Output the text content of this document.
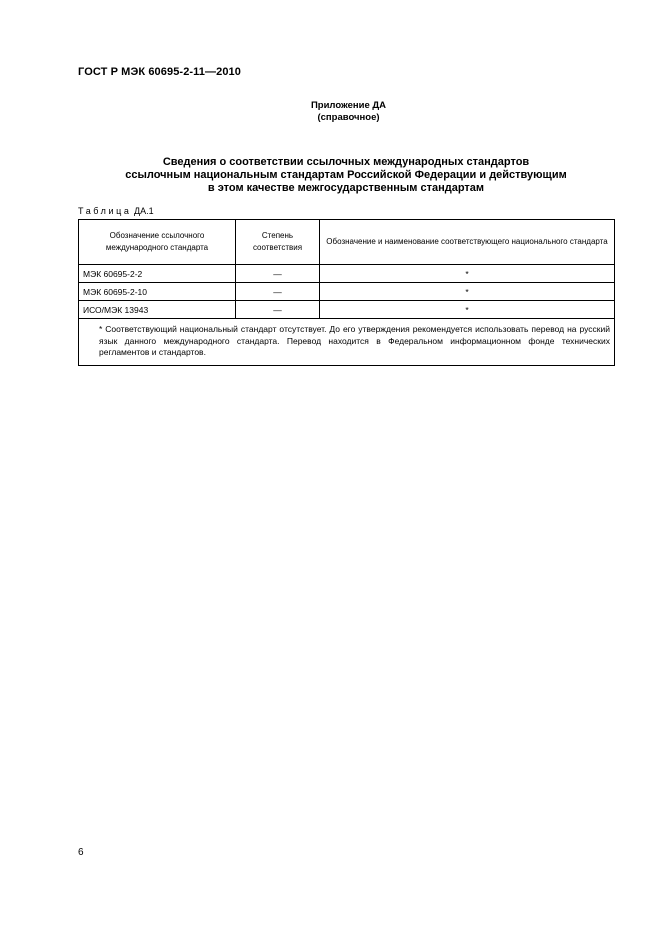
ГОСТ Р МЭК 60695-2-11—2010
Приложение ДА
(справочное)
Сведения о соответствии ссылочных международных стандартов
ссылочным национальным стандартам Российской Федерации и действующим
в этом качестве межгосударственным стандартам
Таблица ДА.1
Обозначение ссылочного международного стандарта	Степень соответствия	Обозначение и наименование соответствующего национального стандарта
МЭК 60695-2-2	—	*
МЭК 60695-2-10	—	*
ИСО/МЭК 13943	—	*

* Соответствующий национальный стандарт отсутствует. До его утверждения рекомендуется использовать перевод на русский язык данного международного стандарта. Перевод находится в Федеральном информационном фонде технических регламентов и стандартов.		
6
